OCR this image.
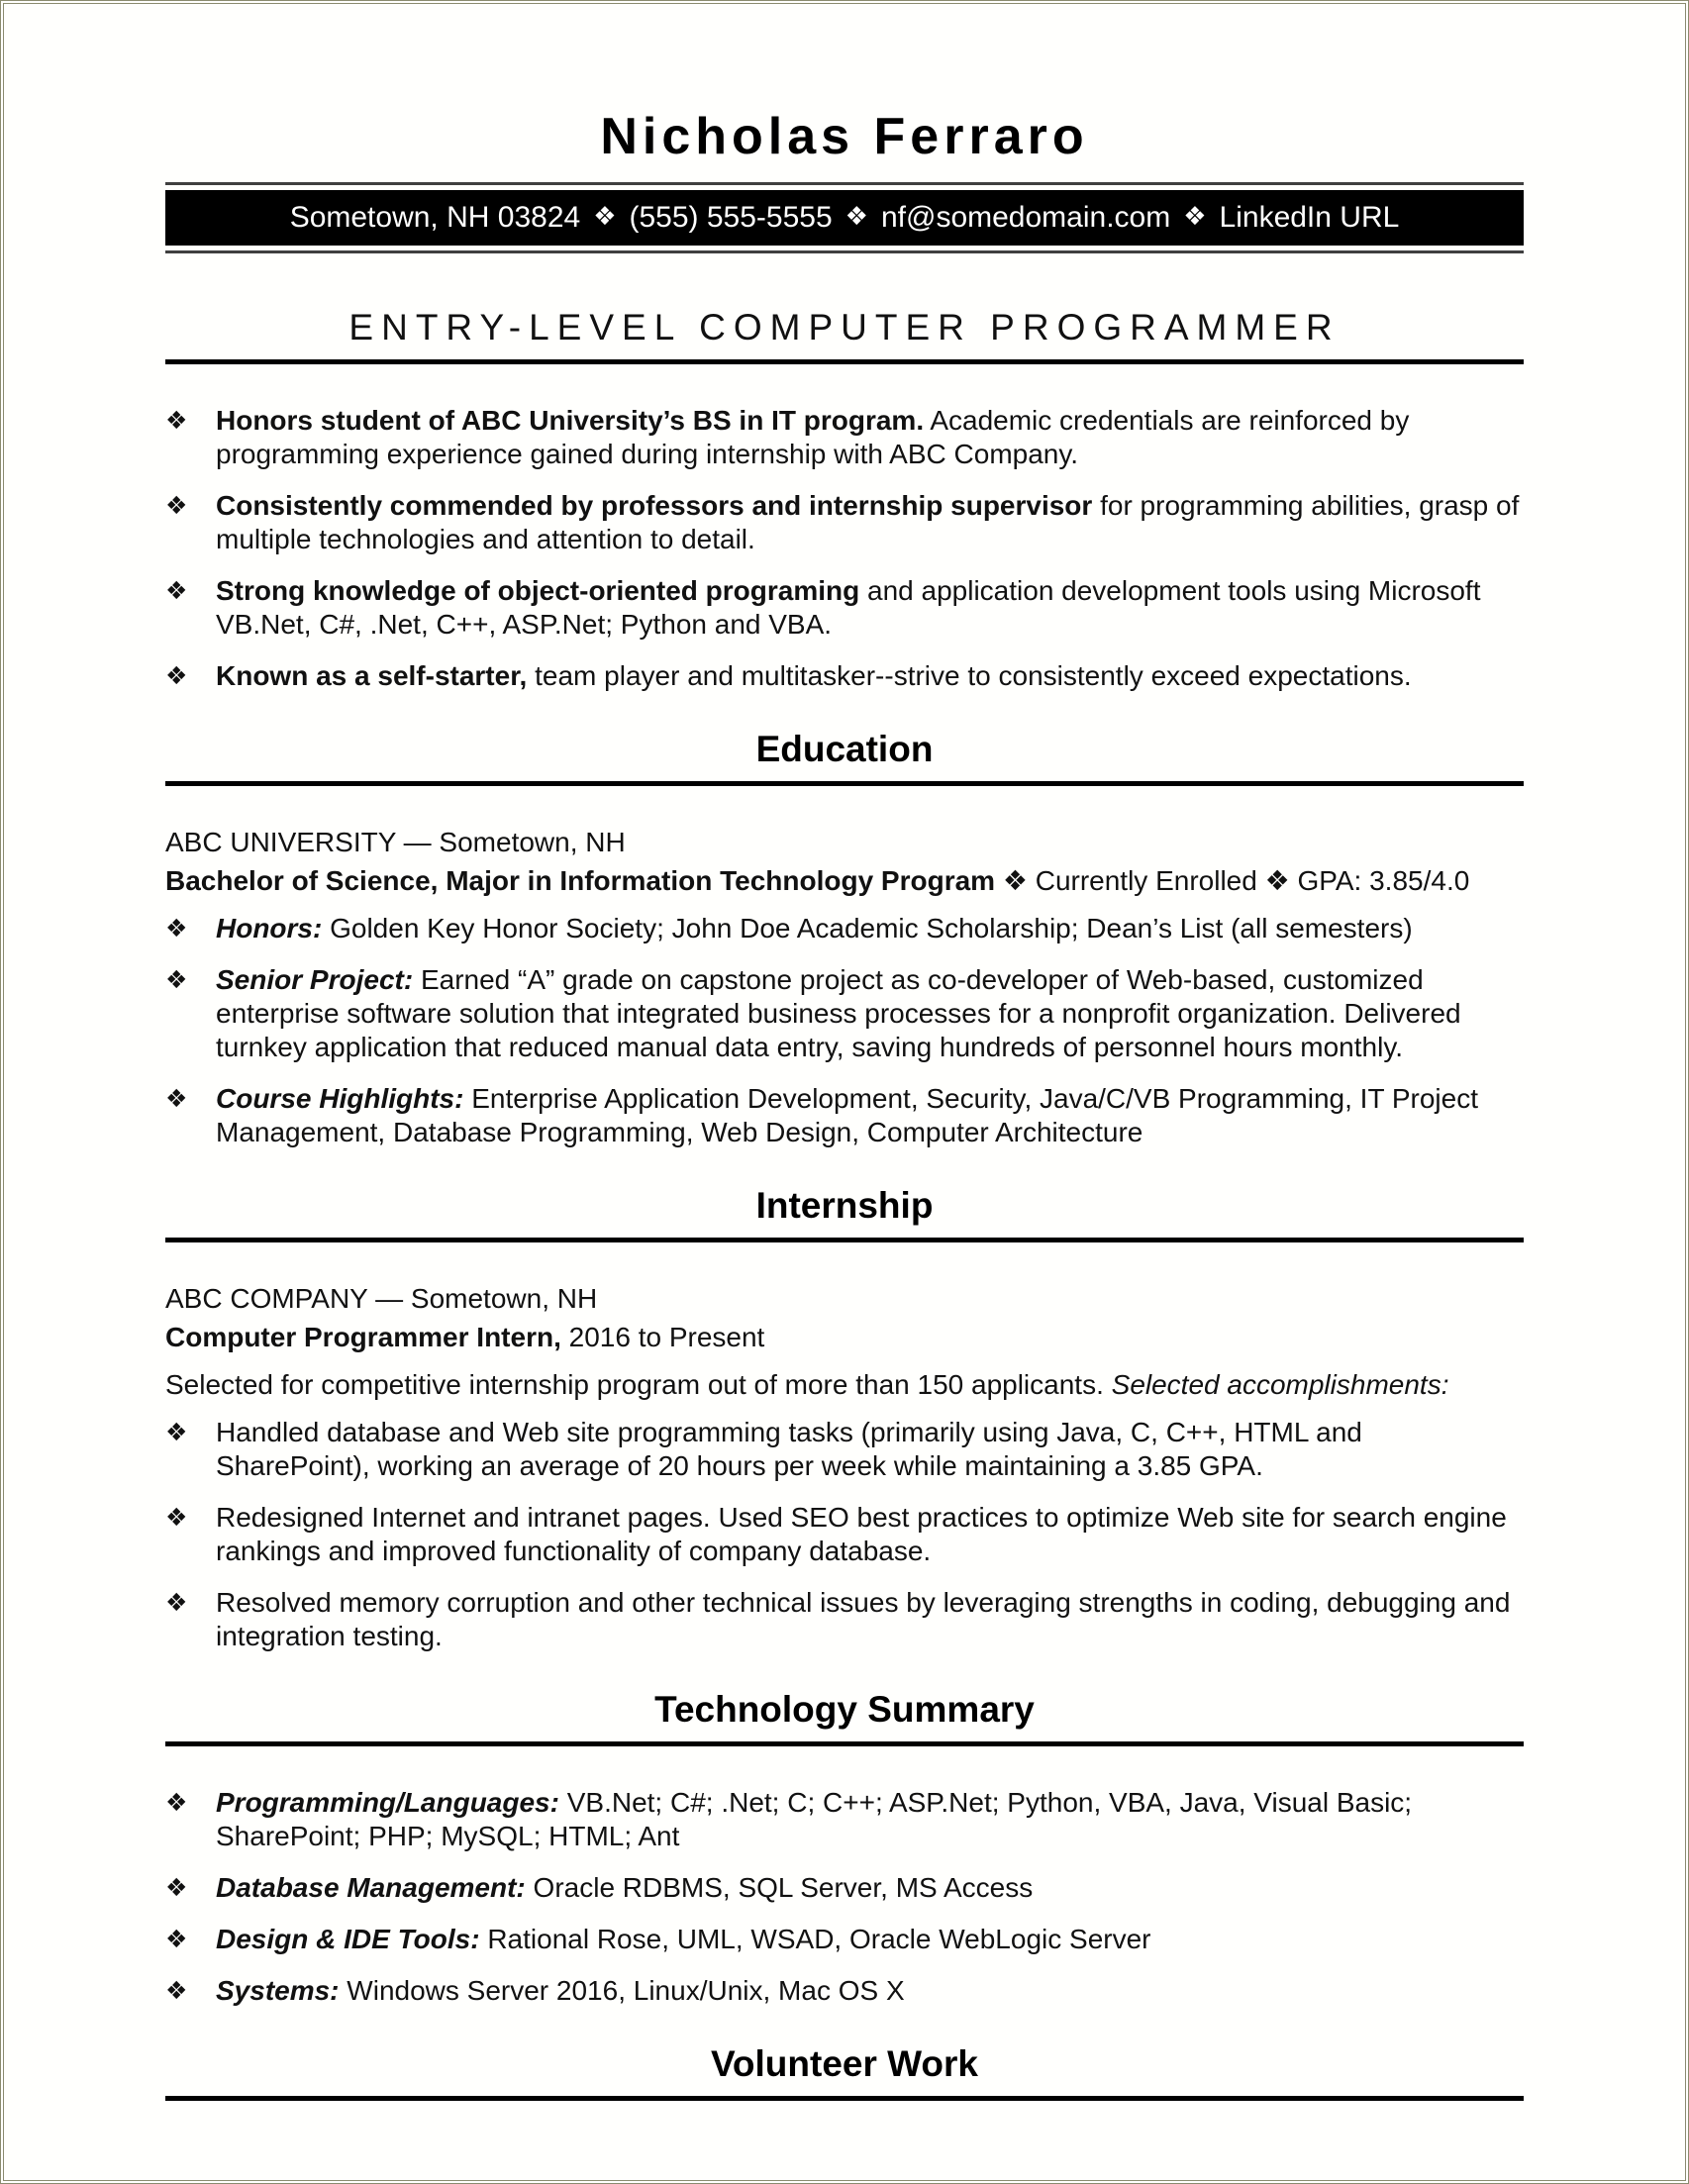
Nicholas Ferraro
Sometown, NH 03824 ❖ (555) 555-5555 ❖ nf@somedomain.com ❖ LinkedIn URL
ENTRY-LEVEL COMPUTER PROGRAMMER
❖	Honors student of ABC University’s BS in IT program. Academic credentials are reinforced by programming experience gained during internship with ABC Company.

❖	Consistently commended by professors and internship supervisor for programming abilities, grasp of multiple technologies and attention to detail.

❖	Strong knowledge of object-oriented programing and application development tools using Microsoft VB.Net, C#, .Net, C++, ASP.Net; Python and VBA.

❖	Known as a self-starter, team player and multitasker--strive to consistently exceed expectations.

Education

ABC UNIVERSITY — Sometown, NH

Bachelor of Science, Major in Information Technology Program ❖ Currently Enrolled ❖ GPA: 3.85/4.0

❖	Honors: Golden Key Honor Society; John Doe Academic Scholarship; Dean’s List (all semesters)

❖	Senior Project: Earned “A” grade on capstone project as co-developer of Web-based, customized enterprise software solution that integrated business processes for a nonprofit organization. Delivered turnkey application that reduced manual data entry, saving hundreds of personnel hours monthly.

❖	Course Highlights: Enterprise Application Development, Security, Java/C/VB Programming, IT Project Management, Database Programming, Web Design, Computer Architecture

Internship

ABC COMPANY — Sometown, NH

Computer Programmer Intern, 2016 to Present

Selected for competitive internship program out of more than 150 applicants. Selected accomplishments:

❖	Handled database and Web site programming tasks (primarily using Java, C, C++, HTML and SharePoint), working an average of 20 hours per week while maintaining a 3.85 GPA.

❖	Redesigned Internet and intranet pages. Used SEO best practices to optimize Web site for search engine rankings and improved functionality of company database.

❖	Resolved memory corruption and other technical issues by leveraging strengths in coding, debugging and integration testing.

Technology Summary
❖	Programming/Languages: VB.Net; C#; .Net; C; C++; ASP.Net; Python, VBA, Java, Visual Basic; SharePoint; PHP; MySQL; HTML; Ant

❖	Database Management: Oracle RDBMS, SQL Server, MS Access

❖	Design & IDE Tools: Rational Rose, UML, WSAD, Oracle WebLogic Server

❖	Systems: Windows Server 2016, Linux/Unix, Mac OS X

Volunteer Work
